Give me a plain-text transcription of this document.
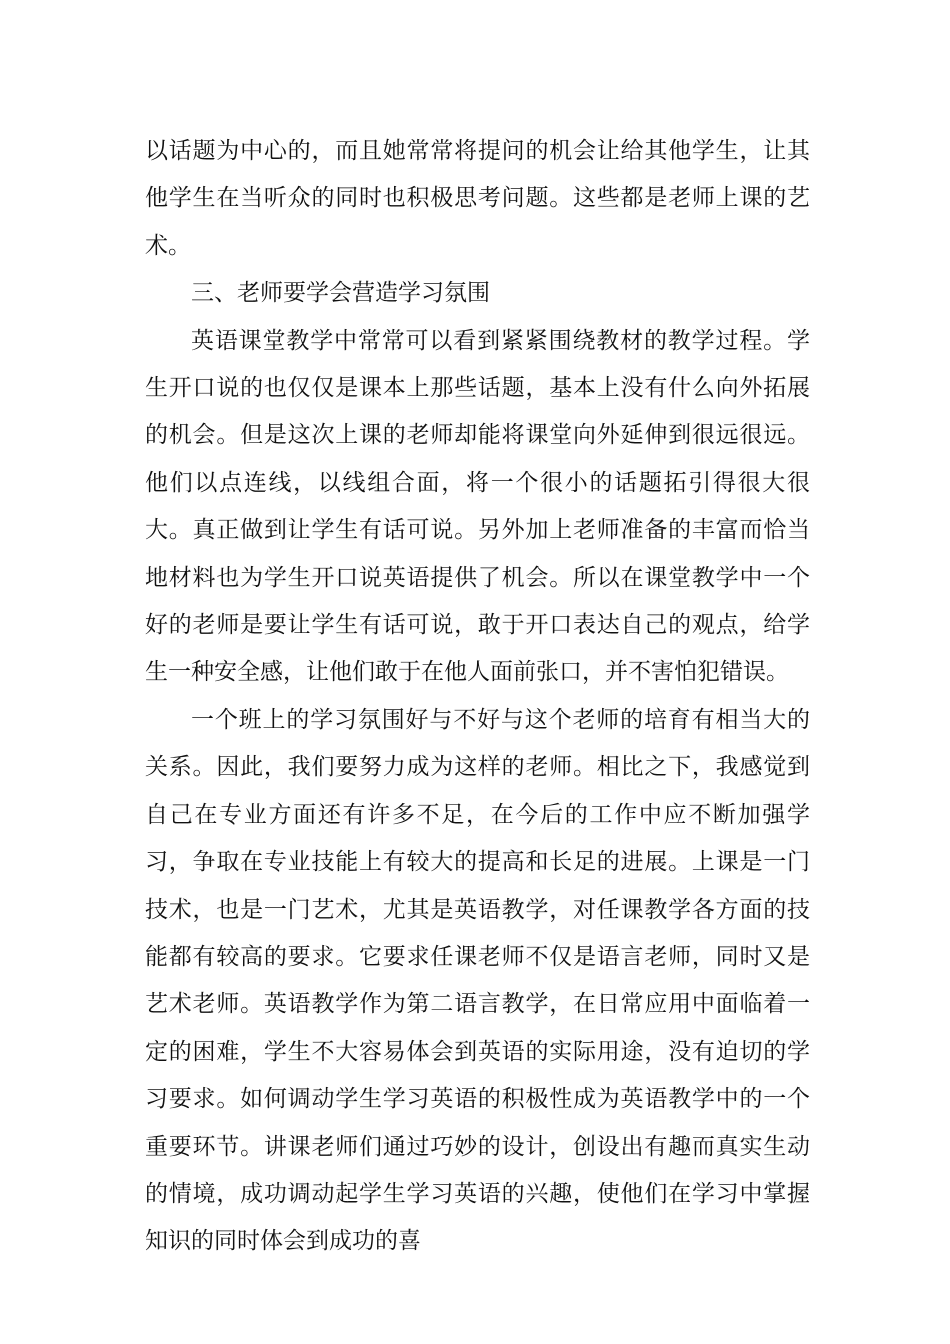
以话题为中心的，而且她常常将提问的机会让给其他学生，让其他学生在当听众的同时也积极思考问题。这些都是老师上课的艺术。

三、老师要学会营造学习氛围

英语课堂教学中常常可以看到紧紧围绕教材的教学过程。学生开口说的也仅仅是课本上那些话题，基本上没有什么向外拓展的机会。但是这次上课的老师却能将课堂向外延伸到很远很远。他们以点连线，以线组合面，将一个很小的话题拓引得很大很大。真正做到让学生有话可说。另外加上老师准备的丰富而恰当地材料也为学生开口说英语提供了机会。所以在课堂教学中一个好的老师是要让学生有话可说，敢于开口表达自己的观点，给学生一种安全感，让他们敢于在他人面前张口，并不害怕犯错误。

一个班上的学习氛围好与不好与这个老师的培育有相当大的关系。因此，我们要努力成为这样的老师。相比之下，我感觉到自己在专业方面还有许多不足，在今后的工作中应不断加强学习，争取在专业技能上有较大的提高和长足的进展。上课是一门技术，也是一门艺术，尤其是英语教学，对任课教学各方面的技能都有较高的要求。它要求任课老师不仅是语言老师，同时又是艺术老师。英语教学作为第二语言教学，在日常应用中面临着一定的困难，学生不大容易体会到英语的实际用途，没有迫切的学习要求。如何调动学生学习英语的积极性成为英语教学中的一个重要环节。讲课老师们通过巧妙的设计，创设出有趣而真实生动的情境，成功调动起学生学习英语的兴趣，使他们在学习中掌握知识的同时体会到成功的喜
